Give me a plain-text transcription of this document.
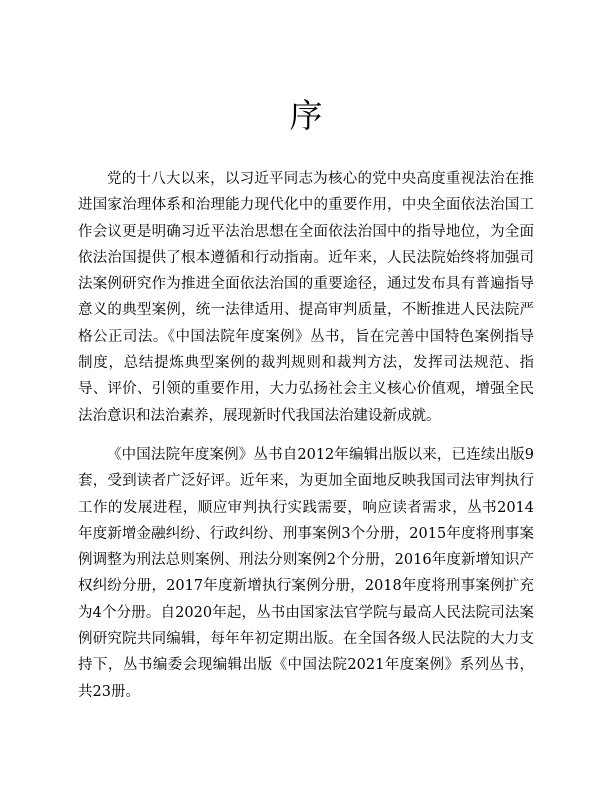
序

党的十八大以来，以习近平同志为核心的党中央高度重视法治在推进国家治理体系和治理能力现代化中的重要作用，中央全面依法治国工作会议更是明确习近平法治思想在全面依法治国中的指导地位，为全面依法治国提供了根本遵循和行动指南。近年来，人民法院始终将加强司法案例研究作为推进全面依法治国的重要途径，通过发布具有普遍指导意义的典型案例，统一法律适用、提高审判质量，不断推进人民法院严格公正司法。《中国法院年度案例》丛书，旨在完善中国特色案例指导制度，总结提炼典型案例的裁判规则和裁判方法，发挥司法规范、指导、评价、引领的重要作用，大力弘扬社会主义核心价值观，增强全民法治意识和法治素养，展现新时代我国法治建设新成就。

《中国法院年度案例》丛书自2012年编辑出版以来，已连续出版9套，受到读者广泛好评。近年来，为更加全面地反映我国司法审判执行工作的发展进程，顺应审判执行实践需要，响应读者需求，丛书2014年度新增金融纠纷、行政纠纷、刑事案例3个分册，2015年度将刑事案例调整为刑法总则案例、刑法分则案例2个分册，2016年度新增知识产权纠纷分册，2017年度新增执行案例分册，2018年度将刑事案例扩充为4个分册。自2020年起，丛书由国家法官学院与最高人民法院司法案例研究院共同编辑，每年年初定期出版。在全国各级人民法院的大力支持下，丛书编委会现编辑出版《中国法院2021年度案例》系列丛书，共23册。
